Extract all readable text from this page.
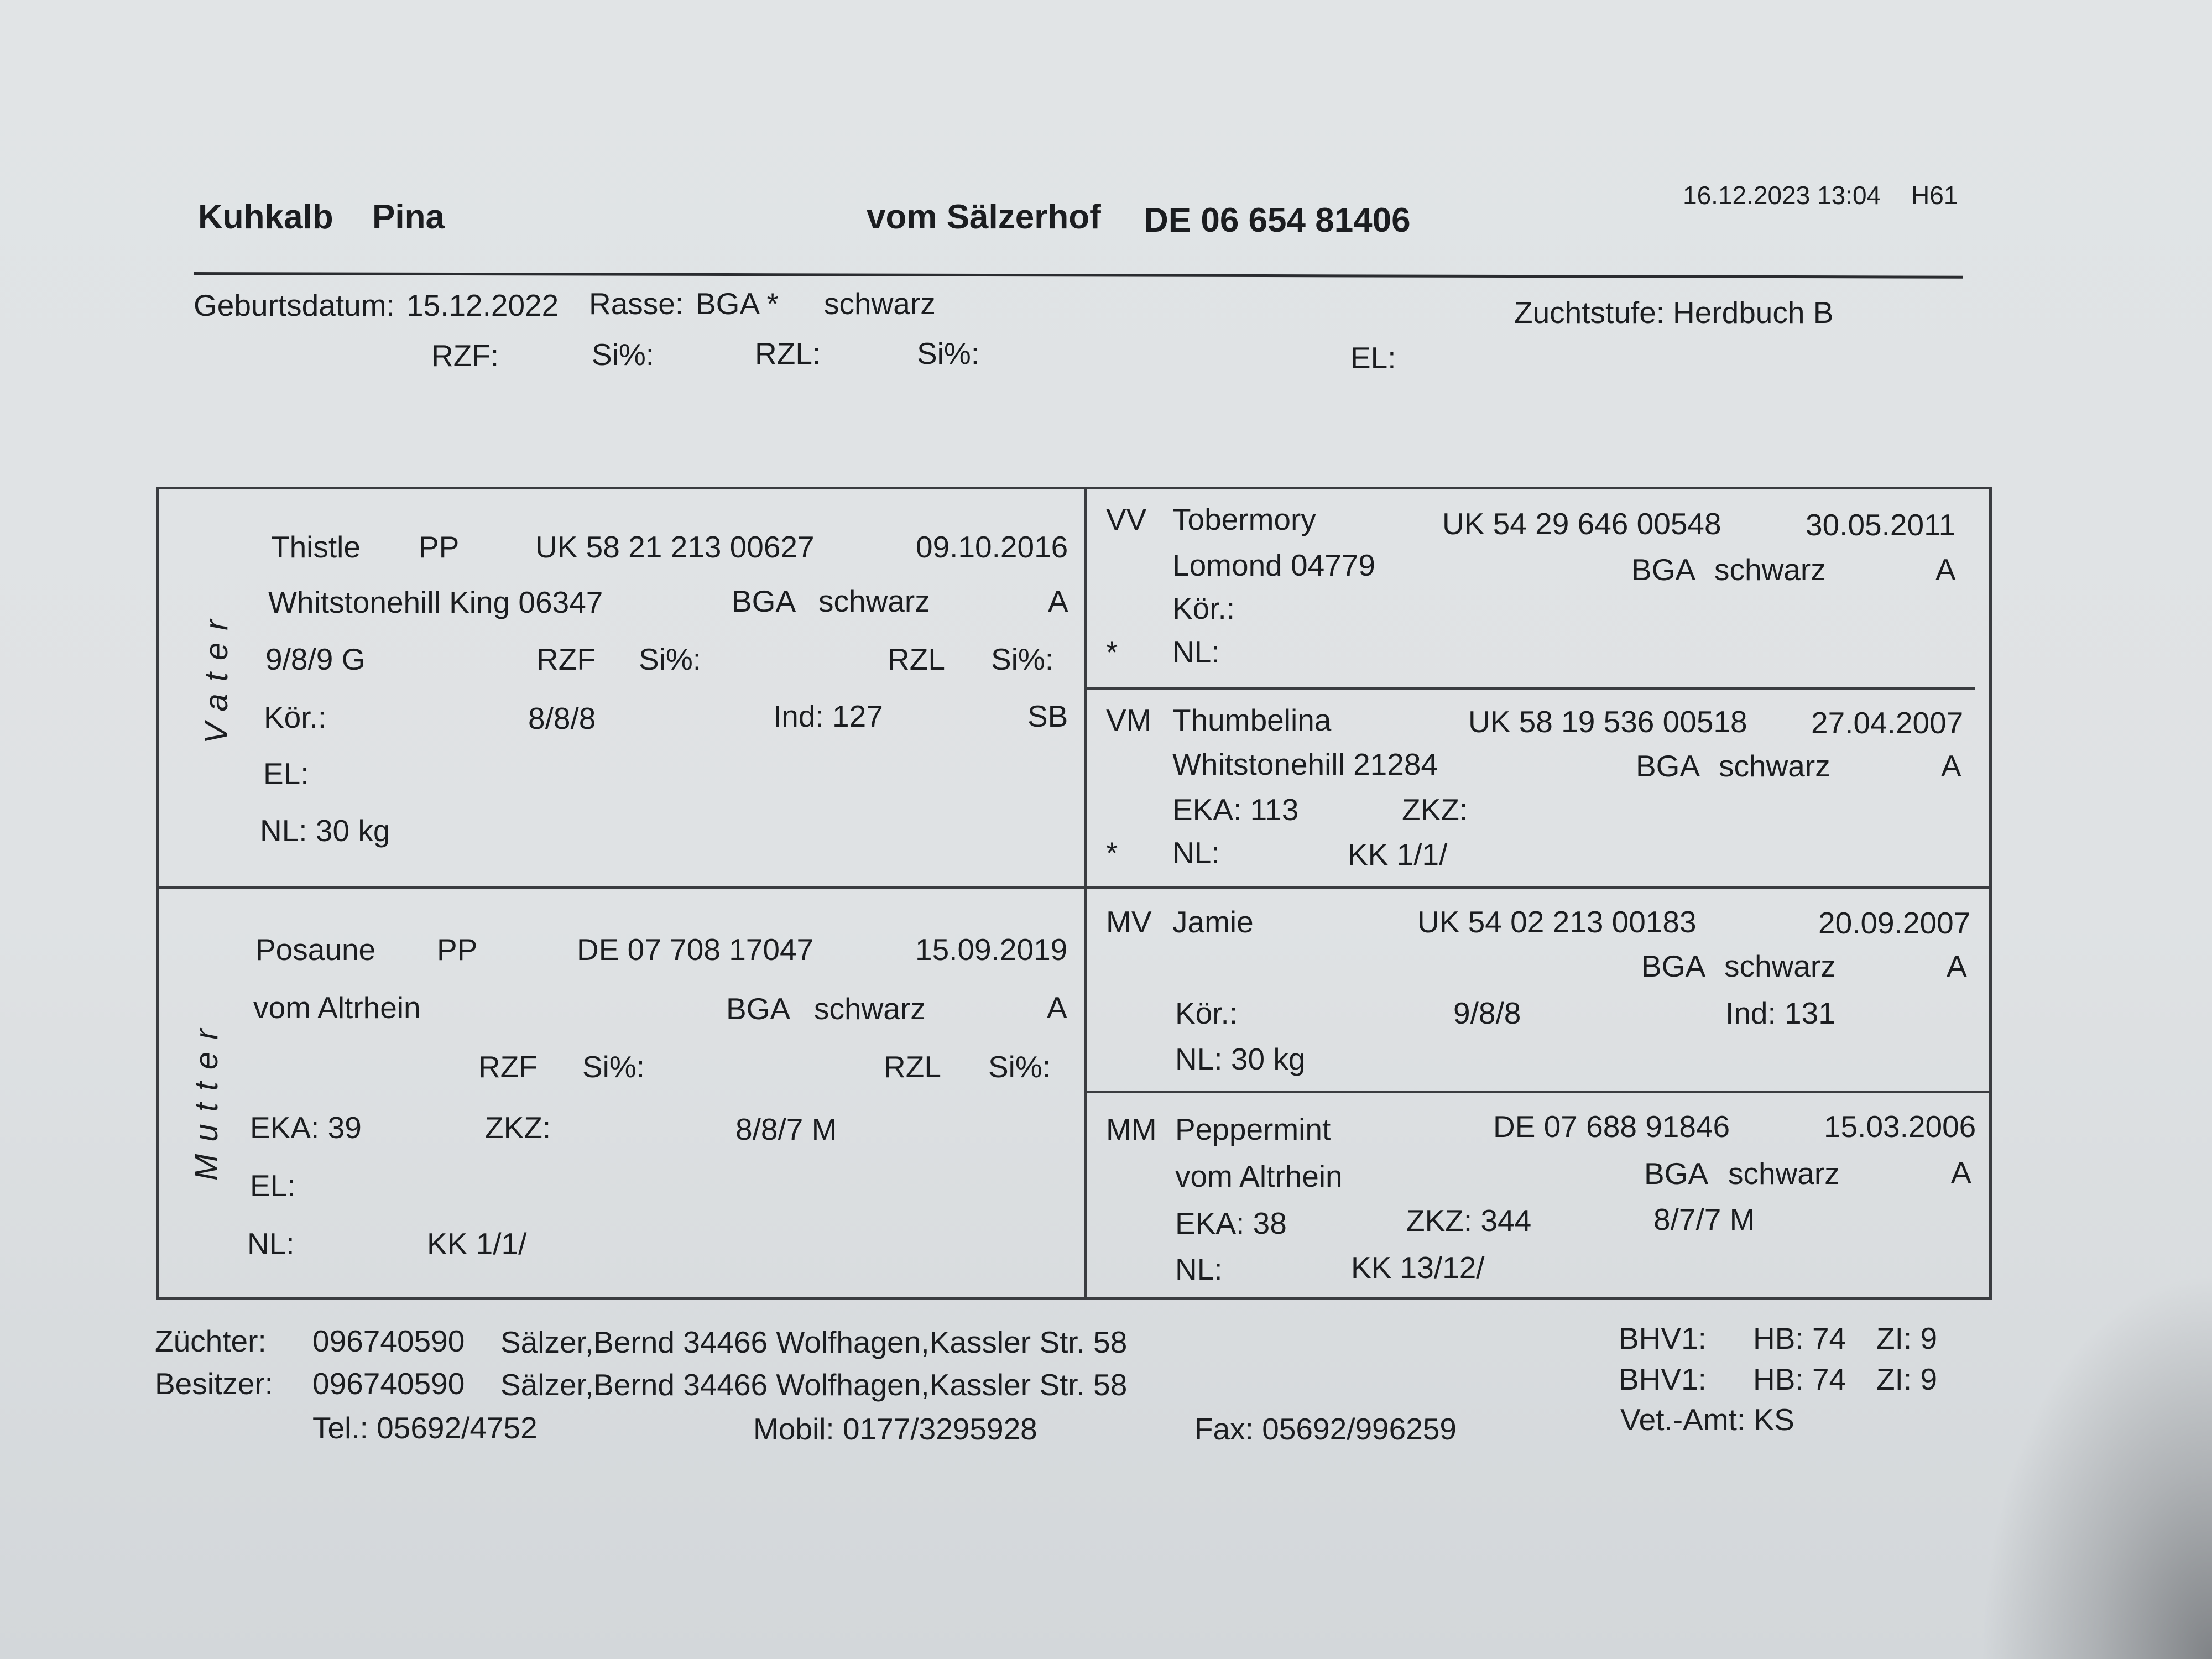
Kuhkalb Pina	vom Sälzerhof DE 06 654 81406
16.12.2023 13:04 H61
Geburtsdatum: 15.12.2022 Rasse: BGA * schwarz	Zuchtstufe: Herdbuch B
RZF:	Si%:	RZL:	Si%:	EL:
Vater
Thistle PP	UK 58 21 213 00627	09.10.2016
Whitstonehill King 06347	BGA schwarz	A
9/8/9 G	RZF Si%:	RZL Si%:
Kör.:	8/8/8	Ind: 127	SB
EL:
NL: 30 kg
Mutter
Posaune PP	DE 07 708 17047	15.09.2019
vom Altrhein	BGA schwarz	A
RZF Si%:	RZL Si%:
EKA: 39	ZKZ:	8/8/7 M
EL:
NL:	KK 1/1/
VV Tobermory	UK 54 29 646 00548	30.05.2011
Lomond 04779	BGA schwarz	A
Kör.:
* NL:
VM Thumbelina	UK 58 19 536 00518 27.04.2007
Whitstonehill 21284	BGA schwarz	A
EKA: 113	ZKZ:
* NL:	KK 1/1/
MV Jamie	UK 54 02 213 00183	20.09.2007
BGA schwarz	A
Kör.:	9/8/8	Ind: 131
NL: 30 kg
MM Peppermint	DE 07 688 91846	15.03.2006
vom Altrhein	BGA schwarz	A
EKA: 38	ZKZ: 344	8/7/7 M
NL:	KK 13/12/
Züchter: 096740590 Sälzer,Bernd 34466 Wolfhagen,Kassler Str. 58
Besitzer: 096740590 Sälzer,Bernd 34466 Wolfhagen,Kassler Str. 58
Tel.: 05692/4752	Mobil: 0177/3295928	Fax: 05692/996259
BHV1: HB: 74 ZI: 9
BHV1: HB: 74 ZI: 9
Vet.-Amt: KS
